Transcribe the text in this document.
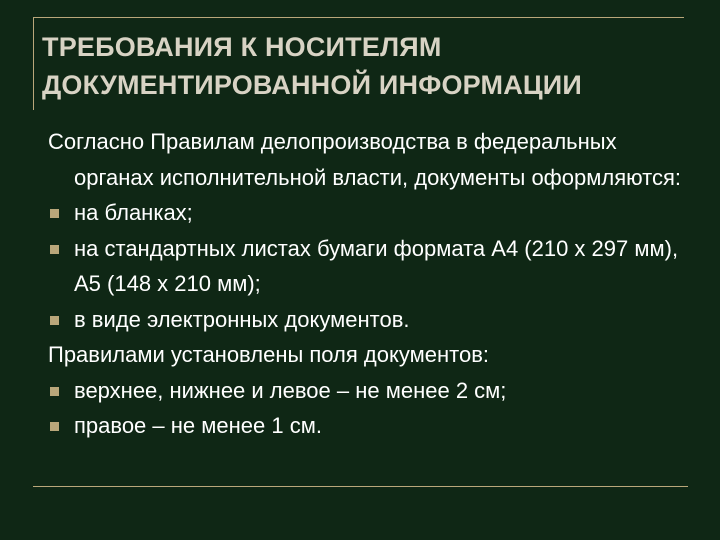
ТРЕБОВАНИЯ К НОСИТЕЛЯМ
ДОКУМЕНТИРОВАННОЙ ИНФОРМАЦИИ

Согласно Правилам делопроизводства в федеральных органах исполнительной власти, документы оформляются:

на бланках;
на стандартных листах бумаги формата А4 (210 х 297 мм), А5 (148 х 210 мм);
в виде электронных документов.

Правилами установлены поля документов:

верхнее, нижнее и левое – не менее 2 см;
правое – не менее 1 см.
